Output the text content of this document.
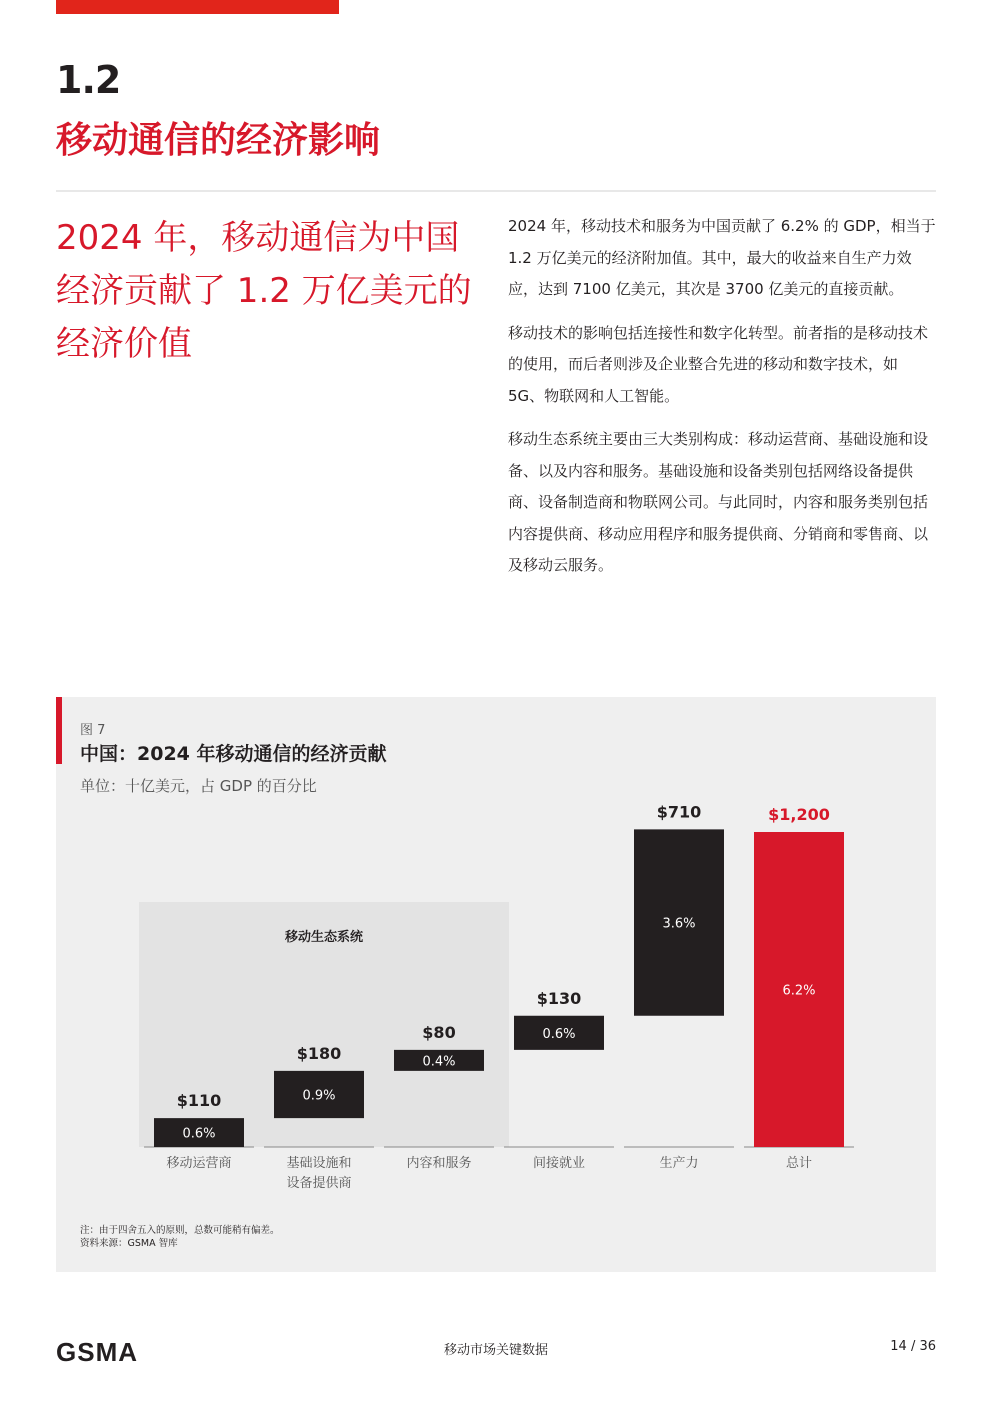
1.2
移动通信的经济影响
2024 年，移动通信为中国经济贡献了 1.2 万亿美元的经济价值

2024 年，移动技术和服务为中国贡献了 6.2% 的 GDP，相当于 1.2 万亿美元的经济附加值。其中，最大的收益来自生产力效应，达到 7100 亿美元，其次是 3700 亿美元的直接贡献。

移动技术的影响包括连接性和数字化转型。前者指的是移动技术的使用，而后者则涉及企业整合先进的移动和数字技术，如 5G、物联网和人工智能。

移动生态系统主要由三大类别构成：移动运营商、基础设施和设备、以及内容和服务。基础设施和设备类别包括网络设备提供商、设备制造商和物联网公司。与此同时，内容和服务类别包括内容提供商、移动应用程序和服务提供商、分销商和零售商、以及移动云服务。

图 7
中国：2024 年移动通信的经济贡献
单位：十亿美元，占 GDP 的百分比
移动生态系统
0.6%
$110
移动运营商
0.9%
$180
基础设施和
设备提供商
0.4%
$80
内容和服务
0.6%
$130
间接就业
3.6%
$710
生产力
6.2%
$1,200
总计
注：由于四舍五入的原则，总数可能稍有偏差。
资料来源：GSMA 智库
GSMA	移动市场关键数据	14 / 36
